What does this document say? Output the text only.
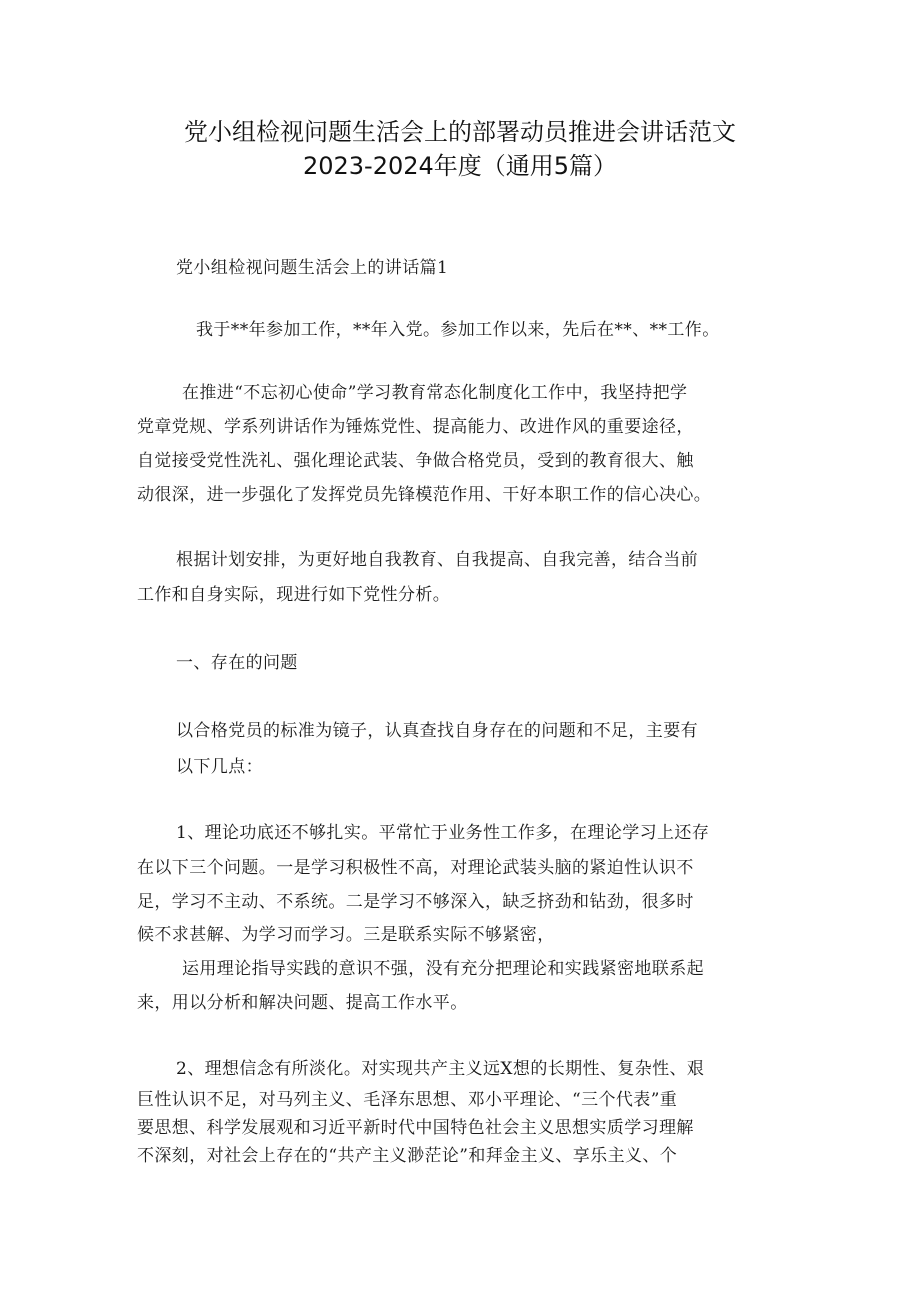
党小组检视问题生活会上的部署动员推进会讲话范文
2023-2024年度（通用5篇）
党小组检视问题生活会上的讲话篇1
我于**年参加工作，**年入党。参加工作以来，先后在**、**工作。
在推进“不忘初心使命”学习教育常态化制度化工作中，我坚持把学
党章党规、学系列讲话作为锤炼党性、提高能力、改进作风的重要途径，
自觉接受党性洗礼、强化理论武装、争做合格党员，受到的教育很大、触
动很深，进一步强化了发挥党员先锋模范作用、干好本职工作的信心决心。
根据计划安排，为更好地自我教育、自我提高、自我完善，结合当前
工作和自身实际，现进行如下党性分析。
一、存在的问题
以合格党员的标准为镜子，认真查找自身存在的问题和不足，主要有
以下几点：
1、理论功底还不够扎实。平常忙于业务性工作多，在理论学习上还存
在以下三个问题。一是学习积极性不高，对理论武装头脑的紧迫性认识不
足，学习不主动、不系统。二是学习不够深入，缺乏挤劲和钻劲，很多时
候不求甚解、为学习而学习。三是联系实际不够紧密，
运用理论指导实践的意识不强，没有充分把理论和实践紧密地联系起
来，用以分析和解决问题、提高工作水平。
2、理想信念有所淡化。对实现共产主义远X想的长期性、复杂性、艰
巨性认识不足，对马列主义、毛泽东思想、邓小平理论、“三个代表”重
要思想、科学发展观和习近平新时代中国特色社会主义思想实质学习理解
不深刻，对社会上存在的“共产主义渺茫论”和拜金主义、享乐主义、个
